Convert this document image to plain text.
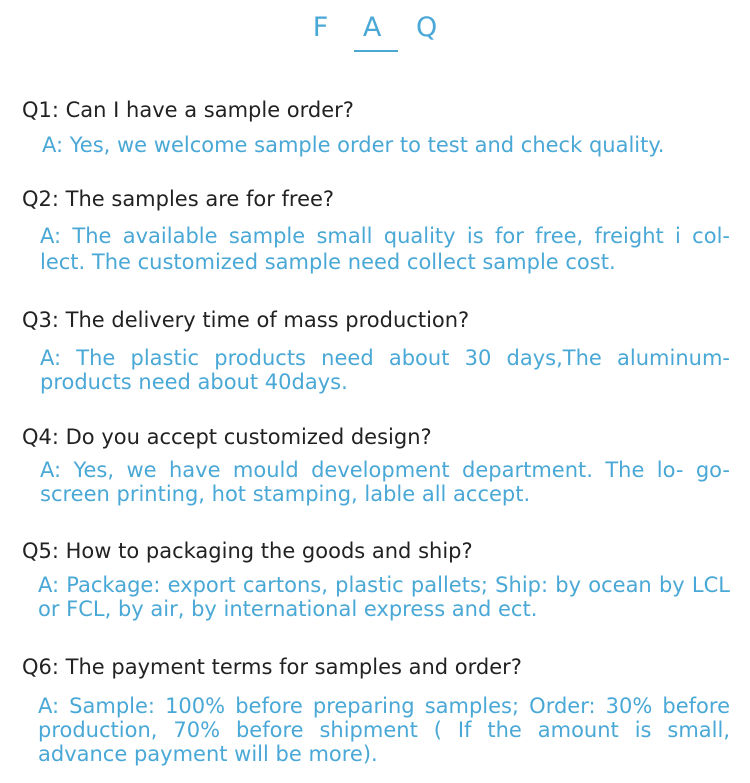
F A Q
Q1: Can I have a sample order?
A: Yes, we welcome sample order to test and check quality.
Q2: The samples are for free?
A: The available sample small quality is for free, freight i col- lect. The customized sample need collect sample cost.
Q3: The delivery time of mass production?
A: The plastic products need about 30 days,The aluminum- products need about 40days.
Q4: Do you accept customized design?
A: Yes, we have mould development department. The lo- go-screen printing, hot stamping, lable all accept.
Q5: How to packaging the goods and ship?
A: Package: export cartons, plastic pallets; Ship: by ocean by LCL or FCL, by air, by international express and ect.
Q6: The payment terms for samples and order?
A: Sample: 100% before preparing samples; Order: 30% before production, 70% before shipment ( If the amount is small, advance payment will be more).
